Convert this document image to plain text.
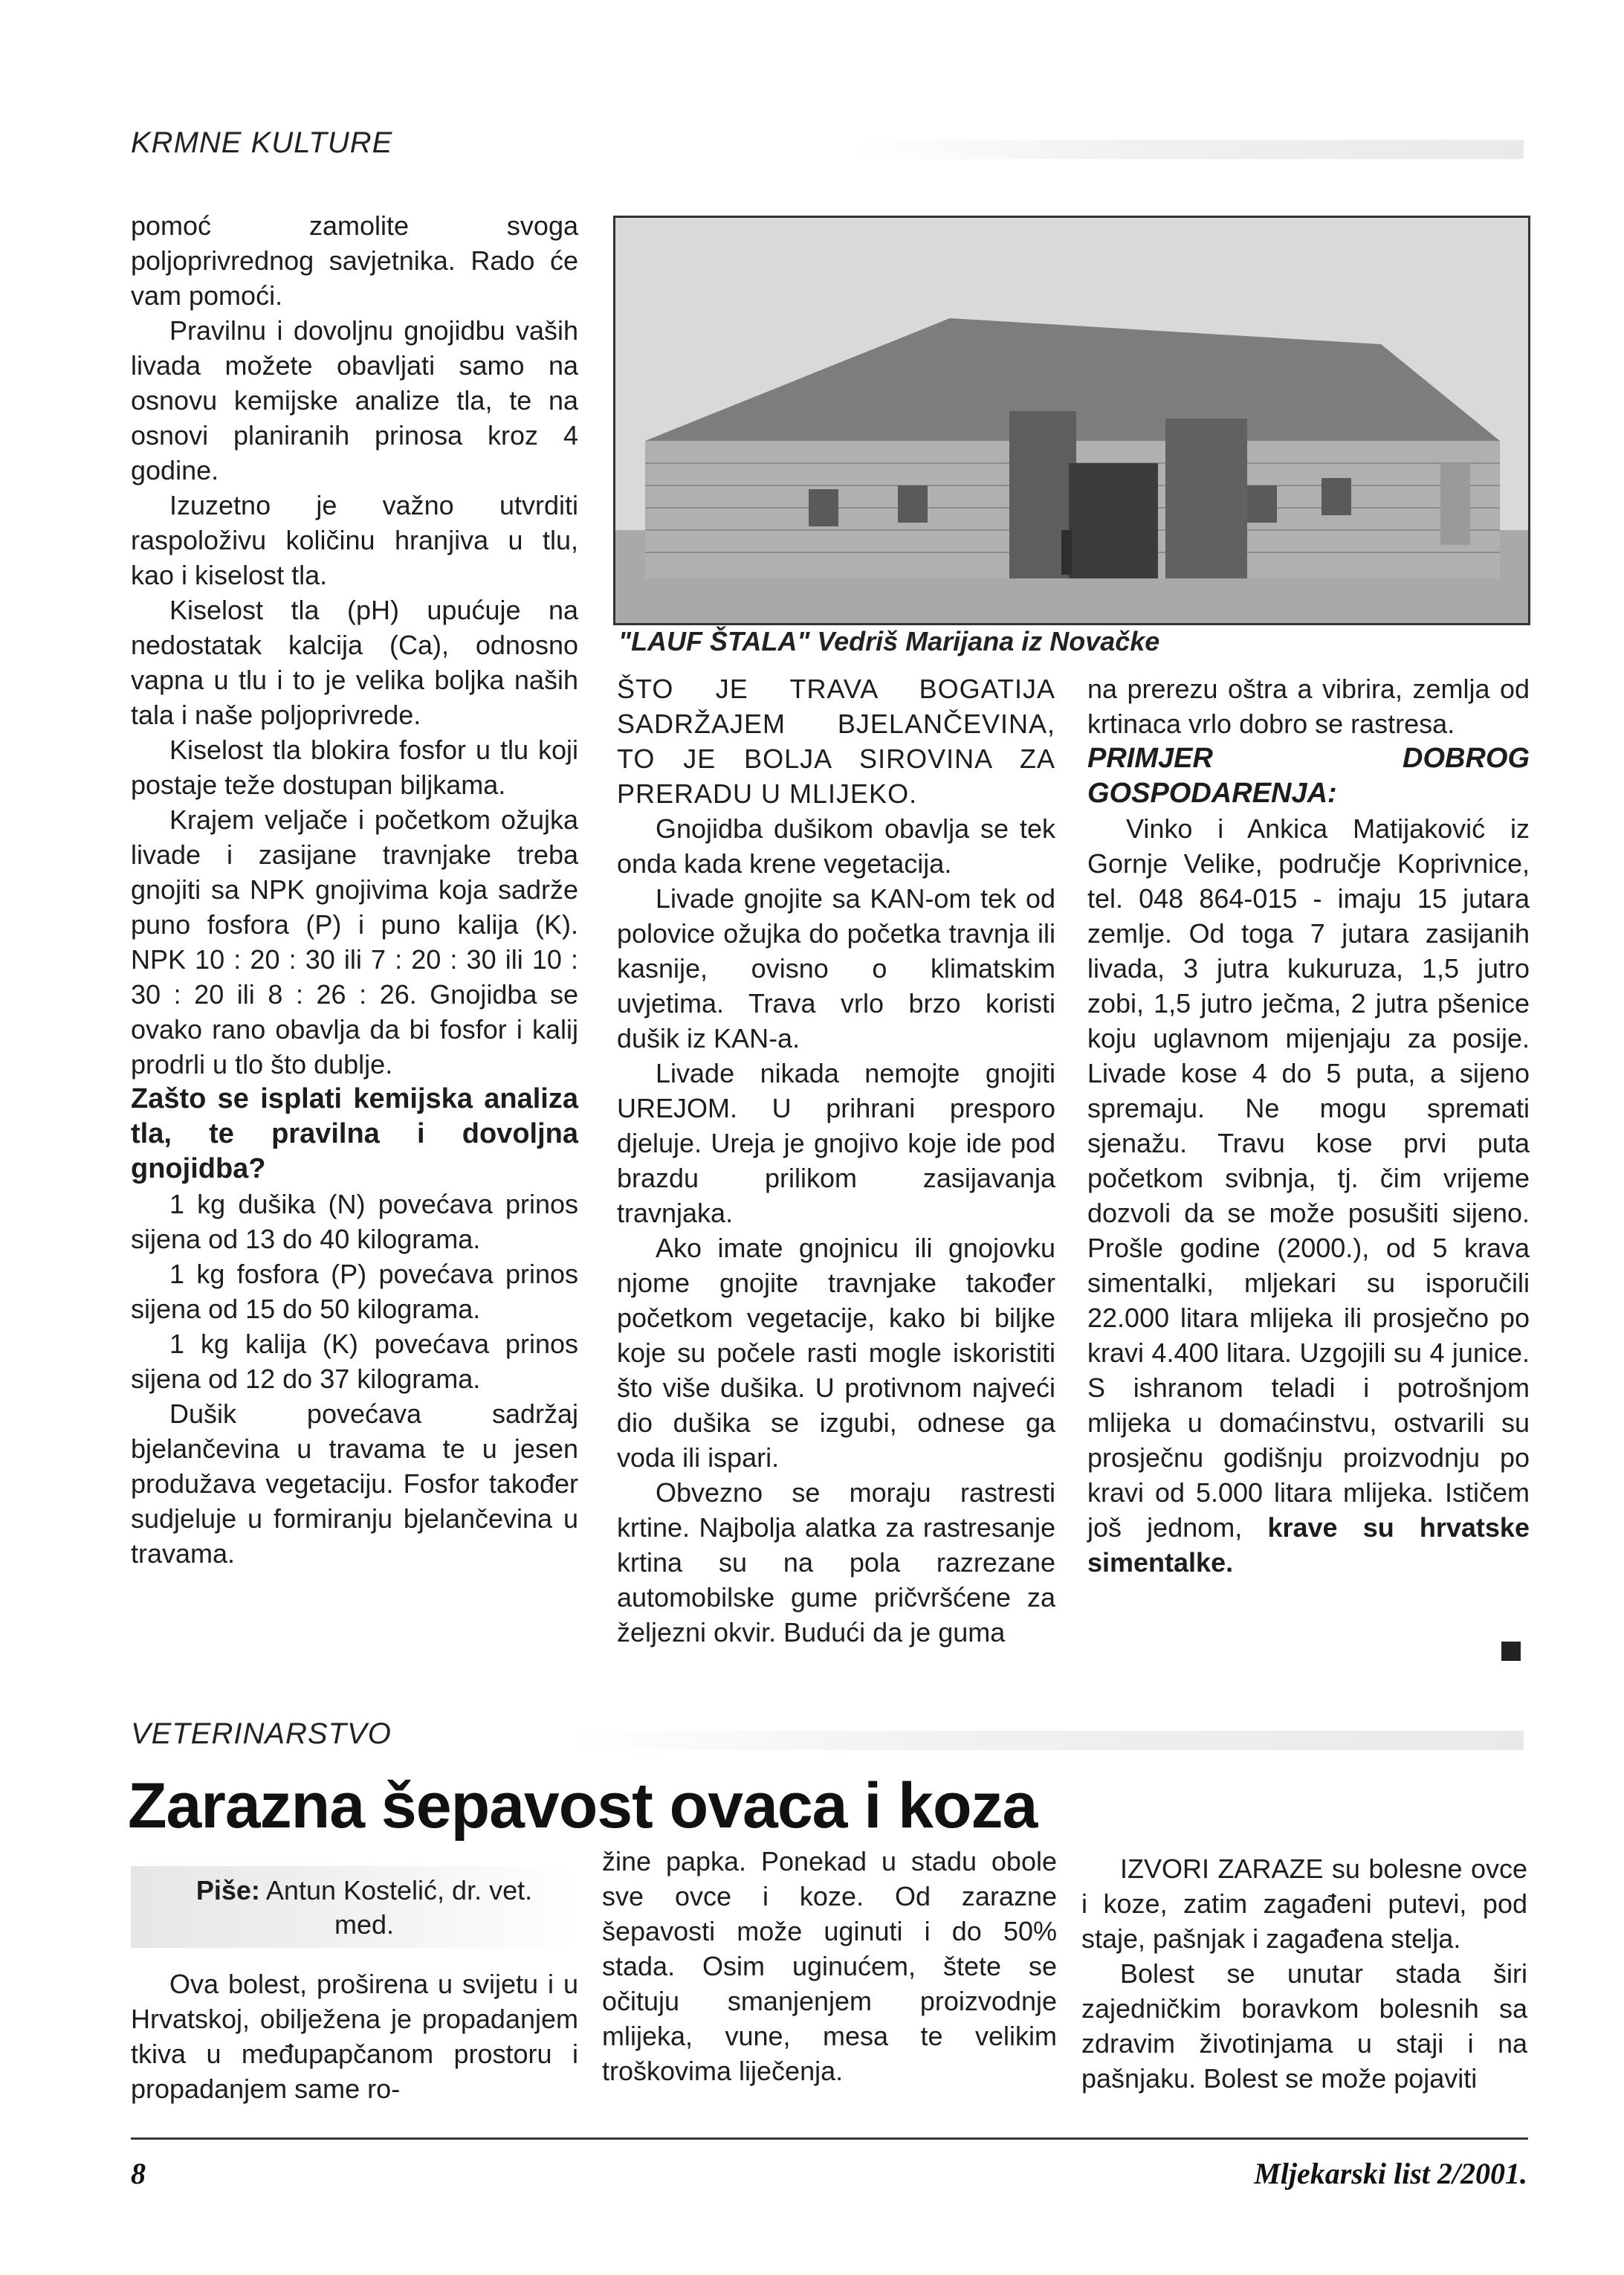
KRMNE KULTURE

pomoć zamolite svoga poljoprivrednog savjetnika. Rado će vam pomoći.

Pravilnu i dovoljnu gnojidbu vaših livada možete obavljati samo na osnovu kemijske analize tla, te na osnovi planiranih prinosa kroz 4 godine.

Izuzetno je važno utvrditi raspoloživu količinu hranjiva u tlu, kao i kiselost tla.

Kiselost tla (pH) upućuje na nedostatak kalcija (Ca), odnosno vapna u tlu i to je velika boljka naših tala i naše poljoprivrede.

Kiselost tla blokira fosfor u tlu koji postaje teže dostupan biljkama.

Krajem veljače i početkom ožujka livade i zasijane travnjake treba gnojiti sa NPK gnojivima koja sadrže puno fosfora (P) i puno kalija (K). NPK 10 : 20 : 30 ili 7 : 20 : 30 ili 10 : 30 : 20 ili 8 : 26 : 26. Gnojidba se ovako rano obavlja da bi fosfor i kalij prodrli u tlo što dublje.

Zašto se isplati kemijska analiza tla, te pravilna i dovoljna gnojidba?

1 kg dušika (N) povećava prinos sijena od 13 do 40 kilograma.

1 kg fosfora (P) povećava prinos sijena od 15 do 50 kilograma.

1 kg kalija (K) povećava prinos sijena od 12 do 37 kilograma.

Dušik povećava sadržaj bjelančevina u travama te u jesen produžava vegetaciju. Fosfor također sudjeluje u formiranju bjelančevina u travama.

"LAUF ŠTALA" Vedriš Marijana iz Novačke

ŠTO JE TRAVA BOGATIJA SADRŽAJEM BJELANČEVINA, TO JE BOLJA SIROVINA ZA PRERADU U MLIJEKO.

Gnojidba dušikom obavlja se tek onda kada krene vegetacija.

Livade gnojite sa KAN-om tek od polovice ožujka do početka travnja ili kasnije, ovisno o klimatskim uvjetima. Trava vrlo brzo koristi dušik iz KAN-a.

Livade nikada nemojte gnojiti UREJOM. U prihrani presporo djeluje. Ureja je gnojivo koje ide pod brazdu prilikom zasijavanja travnjaka.

Ako imate gnojnicu ili gnojovku njome gnojite travnjake također početkom vegetacije, kako bi biljke koje su počele rasti mogle iskoristiti što više dušika. U protivnom najveći dio dušika se izgubi, odnese ga voda ili ispari.

Obvezno se moraju rastresti krtine. Najbolja alatka za rastresanje krtina su na pola razrezane automobilske gume pričvršćene za željezni okvir. Budući da je guma

na prerezu oštra a vibrira, zemlja od krtinaca vrlo dobro se rastresa.

PRIMJER DOBROG GOSPODARENJA:

Vinko i Ankica Matijaković iz Gornje Velike, područje Koprivnice, tel. 048 864-015 - imaju 15 jutara zemlje. Od toga 7 jutara zasijanih livada, 3 jutra kukuruza, 1,5 jutro zobi, 1,5 jutro ječma, 2 jutra pšenice koju uglavnom mijenjaju za posije. Livade kose 4 do 5 puta, a sijeno spremaju. Ne mogu spremati sjenažu. Travu kose prvi puta početkom svibnja, tj. čim vrijeme dozvoli da se može posušiti sijeno. Prošle godine (2000.), od 5 krava simentalki, mljekari su isporučili 22.000 litara mlijeka ili prosječno po kravi 4.400 litara. Uzgojili su 4 junice. S ishranom teladi i potrošnjom mlijeka u domaćinstvu, ostvarili su prosječnu godišnju proizvodnju po kravi od 5.000 litara mlijeka. Ističem još jednom, krave su hrvatske simentalke.

VETERINARSTVO
Zarazna šepavost ovaca i koza
Piše: Antun Kostelić, dr. vet. med.

Ova bolest, proširena u svijetu i u Hrvatskoj, obilježena je propadanjem tkiva u međupapčanom prostoru i propadanjem same ro-

žine papka. Ponekad u stadu obole sve ovce i koze. Od zarazne šepavosti može uginuti i do 50% stada. Osim uginućem, štete se očituju smanjenjem proizvodnje mlijeka, vune, mesa te velikim troškovima liječenja.

IZVORI ZARAZE su bolesne ovce i koze, zatim zagađeni putevi, pod staje, pašnjak i zagađena stelja.

Bolest se unutar stada širi zajedničkim boravkom bolesnih sa zdravim životinjama u staji i na pašnjaku. Bolest se može pojaviti

8	Mljekarski list 2/2001.
